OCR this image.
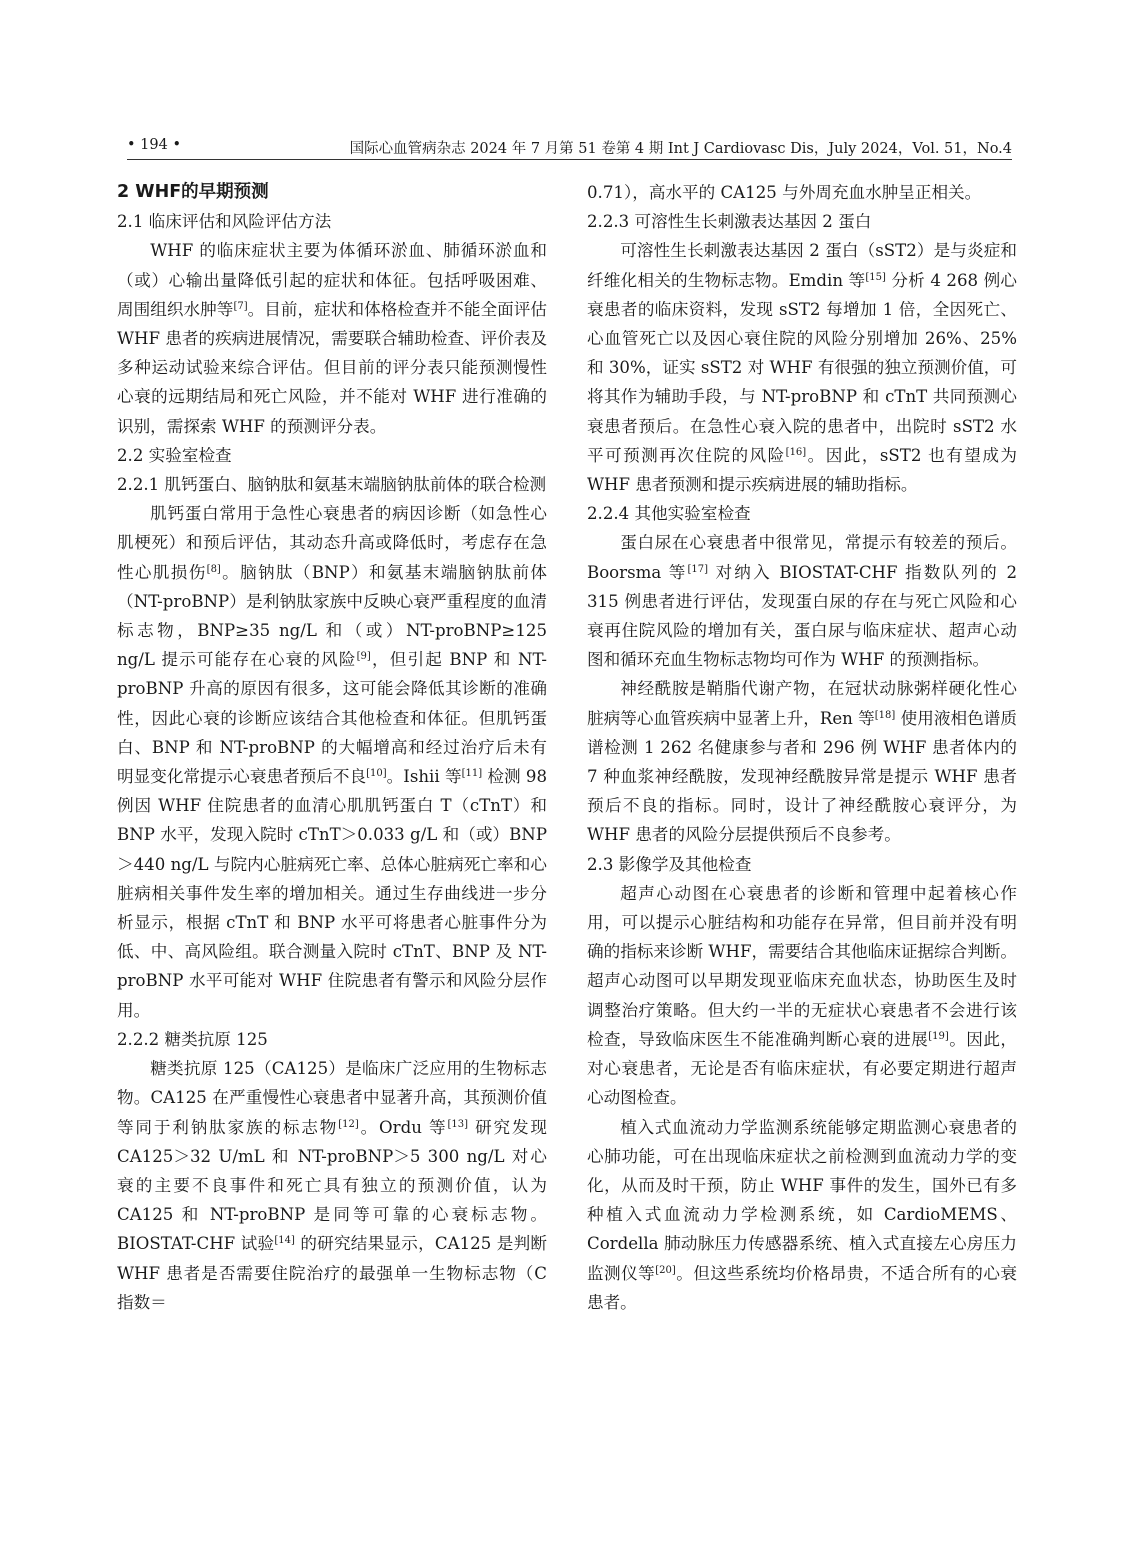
• 194 •	国际心血管病杂志 2024 年 7 月第 51 卷第 4 期 Int J Cardiovasc Dis，July 2024，Vol. 51，No.4

2 WHF的早期预测

2.1 临床评估和风险评估方法

WHF 的临床症状主要为体循环淤血、肺循环淤血和（或）心输出量降低引起的症状和体征。包括呼吸困难、周围组织水肿等[7]。目前，症状和体格检查并不能全面评估 WHF 患者的疾病进展情况，需要联合辅助检查、评价表及多种运动试验来综合评估。但目前的评分表只能预测慢性心衰的远期结局和死亡风险，并不能对 WHF 进行准确的识别，需探索 WHF 的预测评分表。

2.2 实验室检查

2.2.1 肌钙蛋白、脑钠肽和氨基末端脑钠肽前体的联合检测

肌钙蛋白常用于急性心衰患者的病因诊断（如急性心肌梗死）和预后评估，其动态升高或降低时，考虑存在急性心肌损伤[8]。脑钠肽（BNP）和氨基末端脑钠肽前体（NT-proBNP）是利钠肽家族中反映心衰严重程度的血清标志物，BNP≥35 ng/L 和（或）NT-proBNP≥125 ng/L 提示可能存在心衰的风险[9]，但引起 BNP 和 NT-proBNP 升高的原因有很多，这可能会降低其诊断的准确性，因此心衰的诊断应该结合其他检查和体征。但肌钙蛋白、BNP 和 NT-proBNP 的大幅增高和经过治疗后未有明显变化常提示心衰患者预后不良[10]。Ishii 等[11] 检测 98 例因 WHF 住院患者的血清心肌肌钙蛋白 T（cTnT）和 BNP 水平，发现入院时 cTnT＞0.033 g/L 和（或）BNP＞440 ng/L 与院内心脏病死亡率、总体心脏病死亡率和心脏病相关事件发生率的增加相关。通过生存曲线进一步分析显示，根据 cTnT 和 BNP 水平可将患者心脏事件分为低、中、高风险组。联合测量入院时 cTnT、BNP 及 NT-proBNP 水平可能对 WHF 住院患者有警示和风险分层作用。

2.2.2 糖类抗原 125

糖类抗原 125（CA125）是临床广泛应用的生物标志物。CA125 在严重慢性心衰患者中显著升高，其预测价值等同于利钠肽家族的标志物[12]。Ordu 等[13] 研究发现 CA125＞32 U/mL 和 NT-proBNP＞5 300 ng/L 对心衰的主要不良事件和死亡具有独立的预测价值，认为 CA125 和 NT-proBNP 是同等可靠的心衰标志物。BIOSTAT-CHF 试验[14] 的研究结果显示，CA125 是判断 WHF 患者是否需要住院治疗的最强单一生物标志物（C 指数＝

0.71），高水平的 CA125 与外周充血水肿呈正相关。

2.2.3 可溶性生长刺激表达基因 2 蛋白

可溶性生长刺激表达基因 2 蛋白（sST2）是与炎症和纤维化相关的生物标志物。Emdin 等[15] 分析 4 268 例心衰患者的临床资料，发现 sST2 每增加 1 倍，全因死亡、心血管死亡以及因心衰住院的风险分别增加 26%、25% 和 30%，证实 sST2 对 WHF 有很强的独立预测价值，可将其作为辅助手段，与 NT-proBNP 和 cTnT 共同预测心衰患者预后。在急性心衰入院的患者中，出院时 sST2 水平可预测再次住院的风险[16]。因此，sST2 也有望成为 WHF 患者预测和提示疾病进展的辅助指标。

2.2.4 其他实验室检查

蛋白尿在心衰患者中很常见，常提示有较差的预后。Boorsma 等[17] 对纳入 BIOSTAT-CHF 指数队列的 2 315 例患者进行评估，发现蛋白尿的存在与死亡风险和心衰再住院风险的增加有关，蛋白尿与临床症状、超声心动图和循环充血生物标志物均可作为 WHF 的预测指标。

神经酰胺是鞘脂代谢产物，在冠状动脉粥样硬化性心脏病等心血管疾病中显著上升，Ren 等[18] 使用液相色谱质谱检测 1 262 名健康参与者和 296 例 WHF 患者体内的 7 种血浆神经酰胺，发现神经酰胺异常是提示 WHF 患者预后不良的指标。同时，设计了神经酰胺心衰评分，为 WHF 患者的风险分层提供预后不良参考。

2.3 影像学及其他检查

超声心动图在心衰患者的诊断和管理中起着核心作用，可以提示心脏结构和功能存在异常，但目前并没有明确的指标来诊断 WHF，需要结合其他临床证据综合判断。超声心动图可以早期发现亚临床充血状态，协助医生及时调整治疗策略。但大约一半的无症状心衰患者不会进行该检查，导致临床医生不能准确判断心衰的进展[19]。因此，对心衰患者，无论是否有临床症状，有必要定期进行超声心动图检查。

植入式血流动力学监测系统能够定期监测心衰患者的心肺功能，可在出现临床症状之前检测到血流动力学的变化，从而及时干预，防止 WHF 事件的发生，国外已有多种植入式血流动力学检测系统，如 CardioMEMS、Cordella 肺动脉压力传感器系统、植入式直接左心房压力监测仪等[20]。但这些系统均价格昂贵，不适合所有的心衰患者。
